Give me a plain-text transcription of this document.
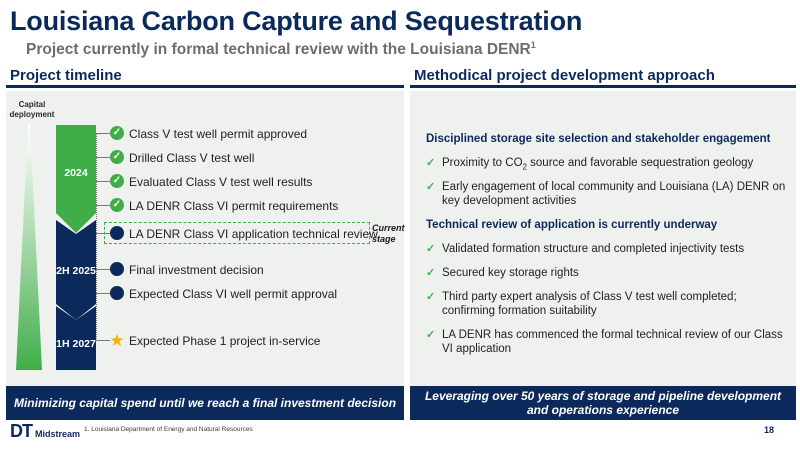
Louisiana Carbon Capture and Sequestration
Project currently in formal technical review with the Louisiana DENR$^1$
Project timeline	Methodical project development approach
Capital deployment
2024
2H 2025
1H 2027
Current stage
✓ Class V test well permit approved
✓ Drilled Class V test well
✓ Evaluated Class V test well results
✓ LA DENR Class VI permit requirements
LA DENR Class VI application technical review
Final investment decision
Expected Class VI well permit approval
★ Expected Phase 1 project in-service
Disciplined storage site selection and stakeholder engagement
✓ Proximity to $CO_2$ source and favorable sequestration geology
✓ Early engagement of local community and Louisiana (LA) DENR on key development activities
Technical review of application is currently underway
✓ Validated formation structure and completed injectivity tests
✓ Secured key storage rights
✓ Third party expert analysis of Class V test well completed; confirming formation suitability
✓ LA DENR has commenced the formal technical review of our Class VI application
Minimizing capital spend until we reach a final investment decision Leveraging over 50 years of storage and pipeline development and operations experience
DT Midstream 1. Louisiana Department of Energy and Natural Resources	18
